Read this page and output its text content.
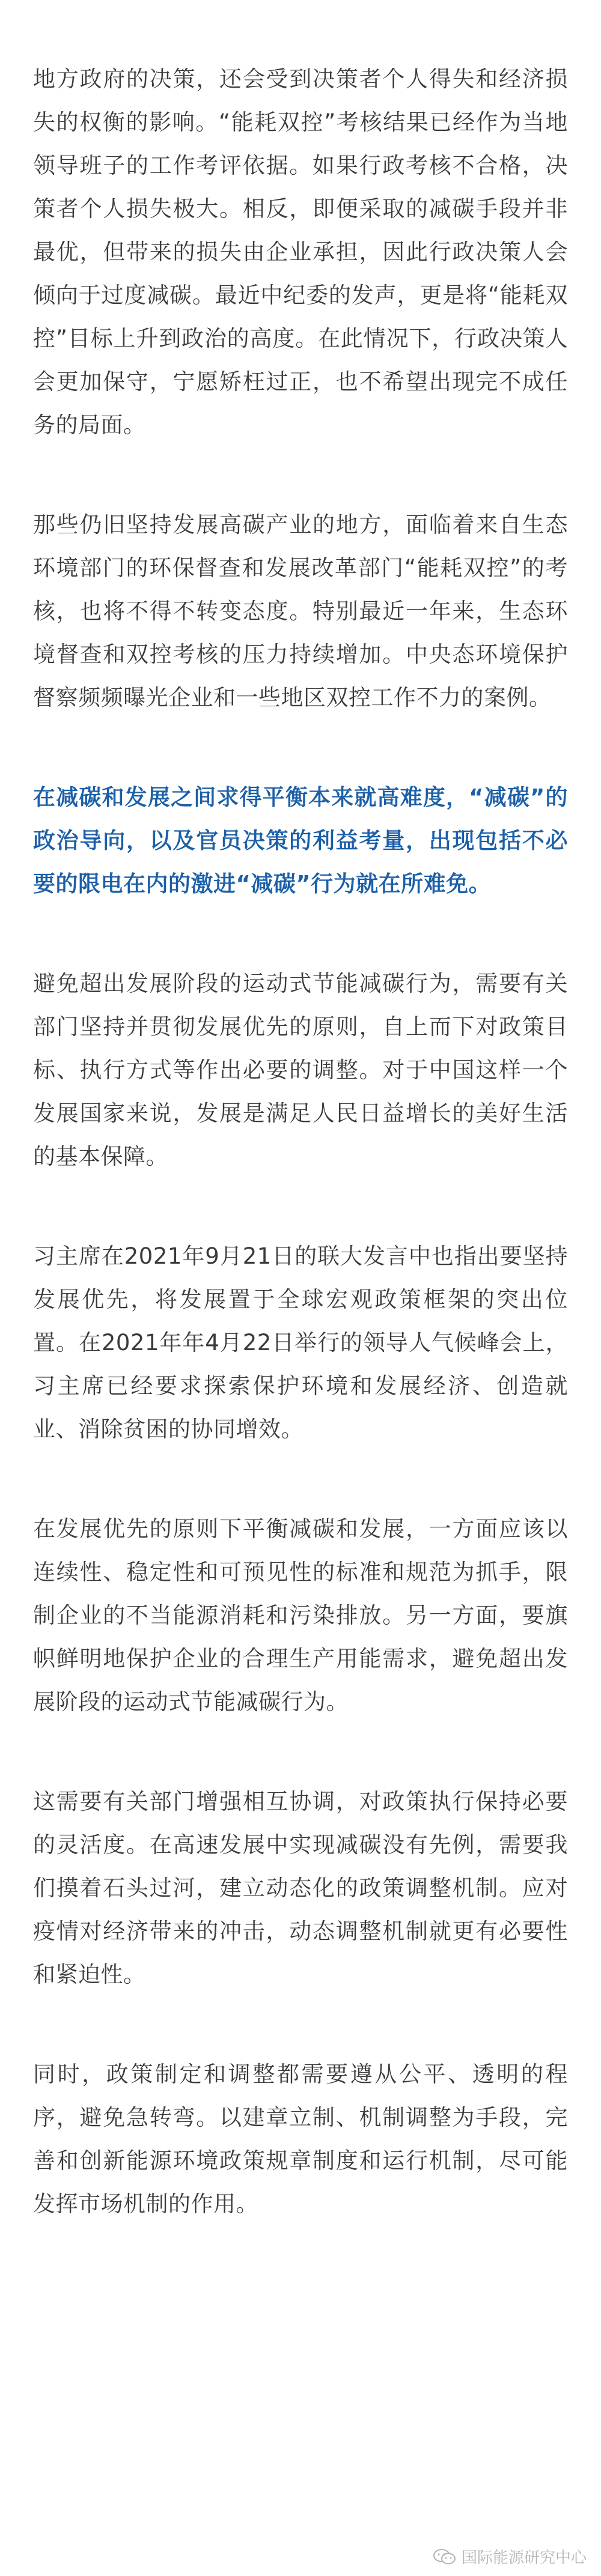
地方政府的决策，还会受到决策者个人得失和经济损失的权衡的影响。“能耗双控”考核结果已经作为当地领导班子的工作考评依据。如果行政考核不合格，决策者个人损失极大。相反，即便采取的减碳手段并非最优，但带来的损失由企业承担，因此行政决策人会倾向于过度减碳。最近中纪委的发声，更是将“能耗双控”目标上升到政治的高度。在此情况下，行政决策人会更加保守，宁愿矫枉过正，也不希望出现完不成任务的局面。

那些仍旧坚持发展高碳产业的地方，面临着来自生态环境部门的环保督查和发展改革部门“能耗双控”的考核，也将不得不转变态度。特别最近一年来，生态环境督查和双控考核的压力持续增加。中央态环境保护督察频频曝光企业和一些地区双控工作不力的案例。

在减碳和发展之间求得平衡本来就高难度，“减碳”的政治导向，以及官员决策的利益考量，出现包括不必要的限电在内的激进“减碳”行为就在所难免。

避免超出发展阶段的运动式节能减碳行为，需要有关部门坚持并贯彻发展优先的原则，自上而下对政策目标、执行方式等作出必要的调整。对于中国这样一个发展国家来说，发展是满足人民日益增长的美好生活的基本保障。

习主席在2021年9月21日的联大发言中也指出要坚持发展优先，将发展置于全球宏观政策框架的突出位置。在2021年年4月22日举行的领导人气候峰会上，习主席已经要求探索保护环境和发展经济、创造就业、消除贫困的协同增效。

在发展优先的原则下平衡减碳和发展，一方面应该以连续性、稳定性和可预见性的标准和规范为抓手，限制企业的不当能源消耗和污染排放。另一方面，要旗帜鲜明地保护企业的合理生产用能需求，避免超出发展阶段的运动式节能减碳行为。

这需要有关部门增强相互协调，对政策执行保持必要的灵活度。在高速发展中实现减碳没有先例，需要我们摸着石头过河，建立动态化的政策调整机制。应对疫情对经济带来的冲击，动态调整机制就更有必要性和紧迫性。

同时，政策制定和调整都需要遵从公平、透明的程序，避免急转弯。以建章立制、机制调整为手段，完善和创新能源环境政策规章制度和运行机制，尽可能发挥市场机制的作用。

国际能源研究中心
